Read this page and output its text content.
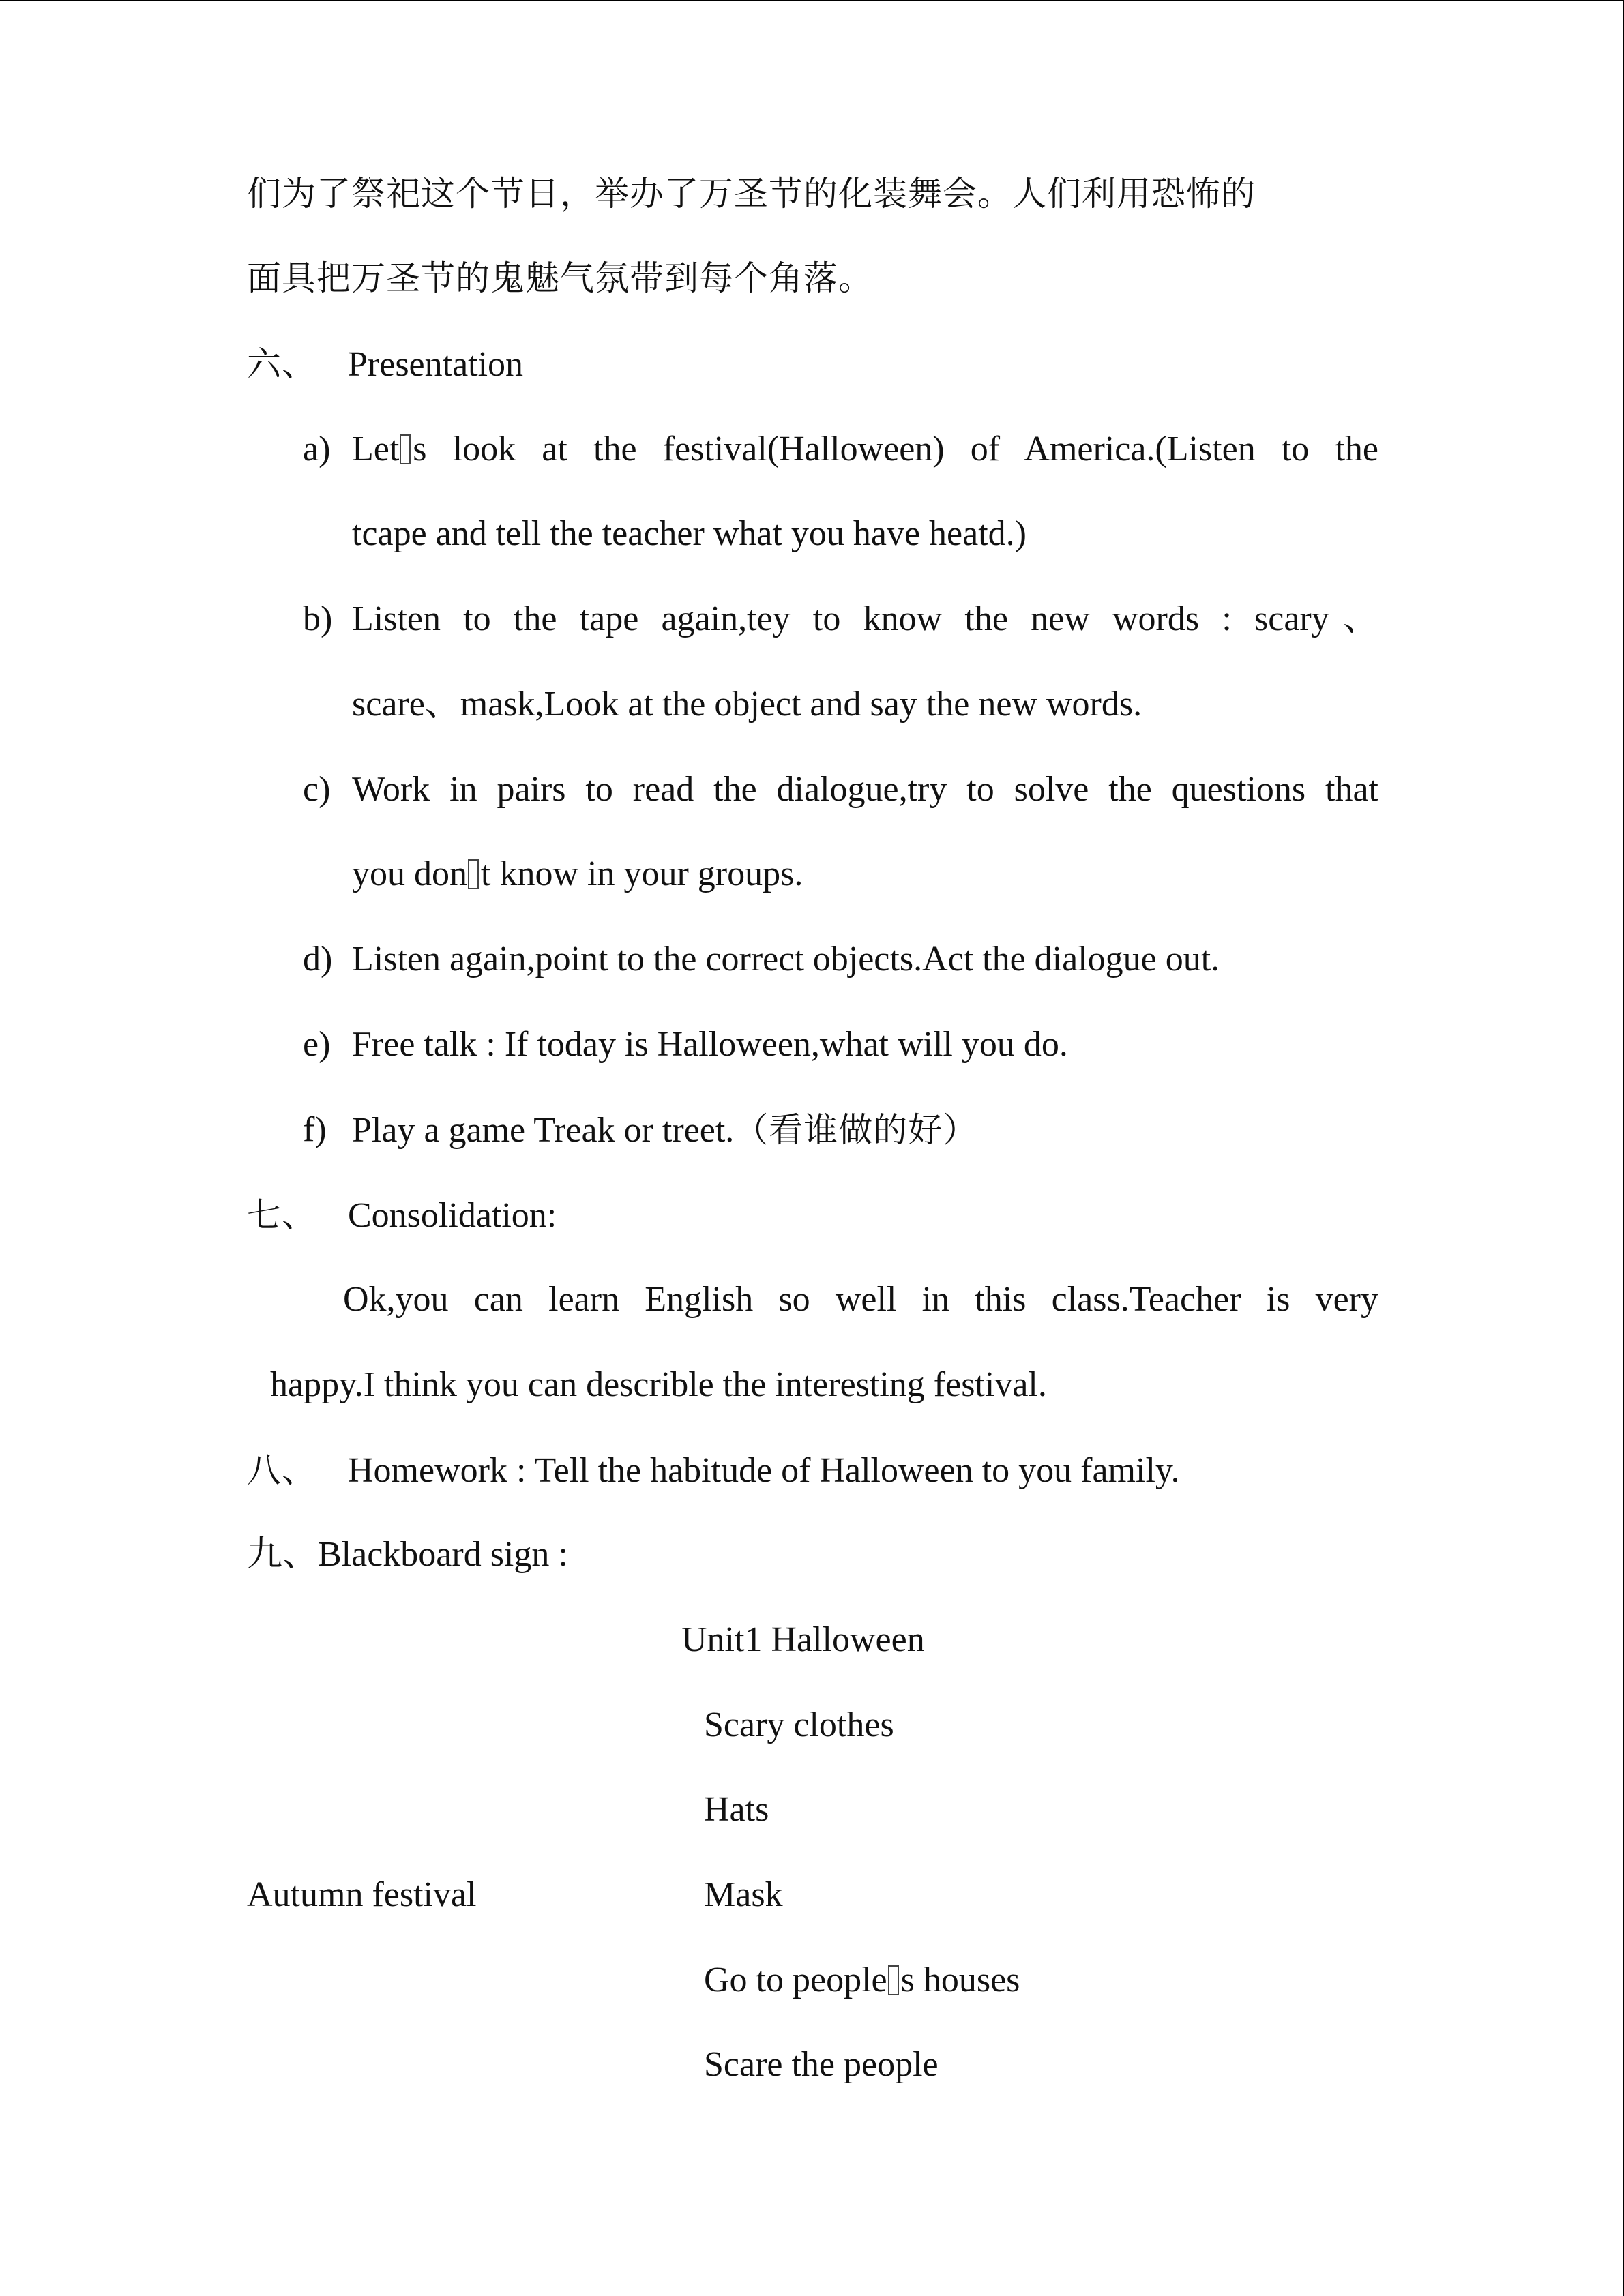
们为了祭祀这个节日，举办了万圣节的化装舞会。人们利用恐怖的
面具把万圣节的鬼魅气氛带到每个角落。
六、 Presentation
a) Let s look at the festival(Halloween) of America.(Listen to the
tcape and tell the teacher what you have heatd.)
b) Listen to the tape again,tey to know the new words : scary、
scare、mask,Look at the object and say the new words.
c) Work in pairs to read the dialogue,try to solve the questions that
you don t know in your groups.
d) Listen again,point to the correct objects.Act the dialogue out.
e) Free talk : If today is Halloween,what will you do.
f) Play a game Treak or treet.（看谁做的好）
七、 Consolidation:
Ok,you can learn English so well in this class.Teacher is very
happy.I think you can describle the interesting festival.
八、 Homework : Tell the habitude of Halloween to you family.
九、Blackboard sign :
Unit1 Halloween
Scary clothes
Hats
Autumn festival	Mask
Go to people s houses
Scare the people
